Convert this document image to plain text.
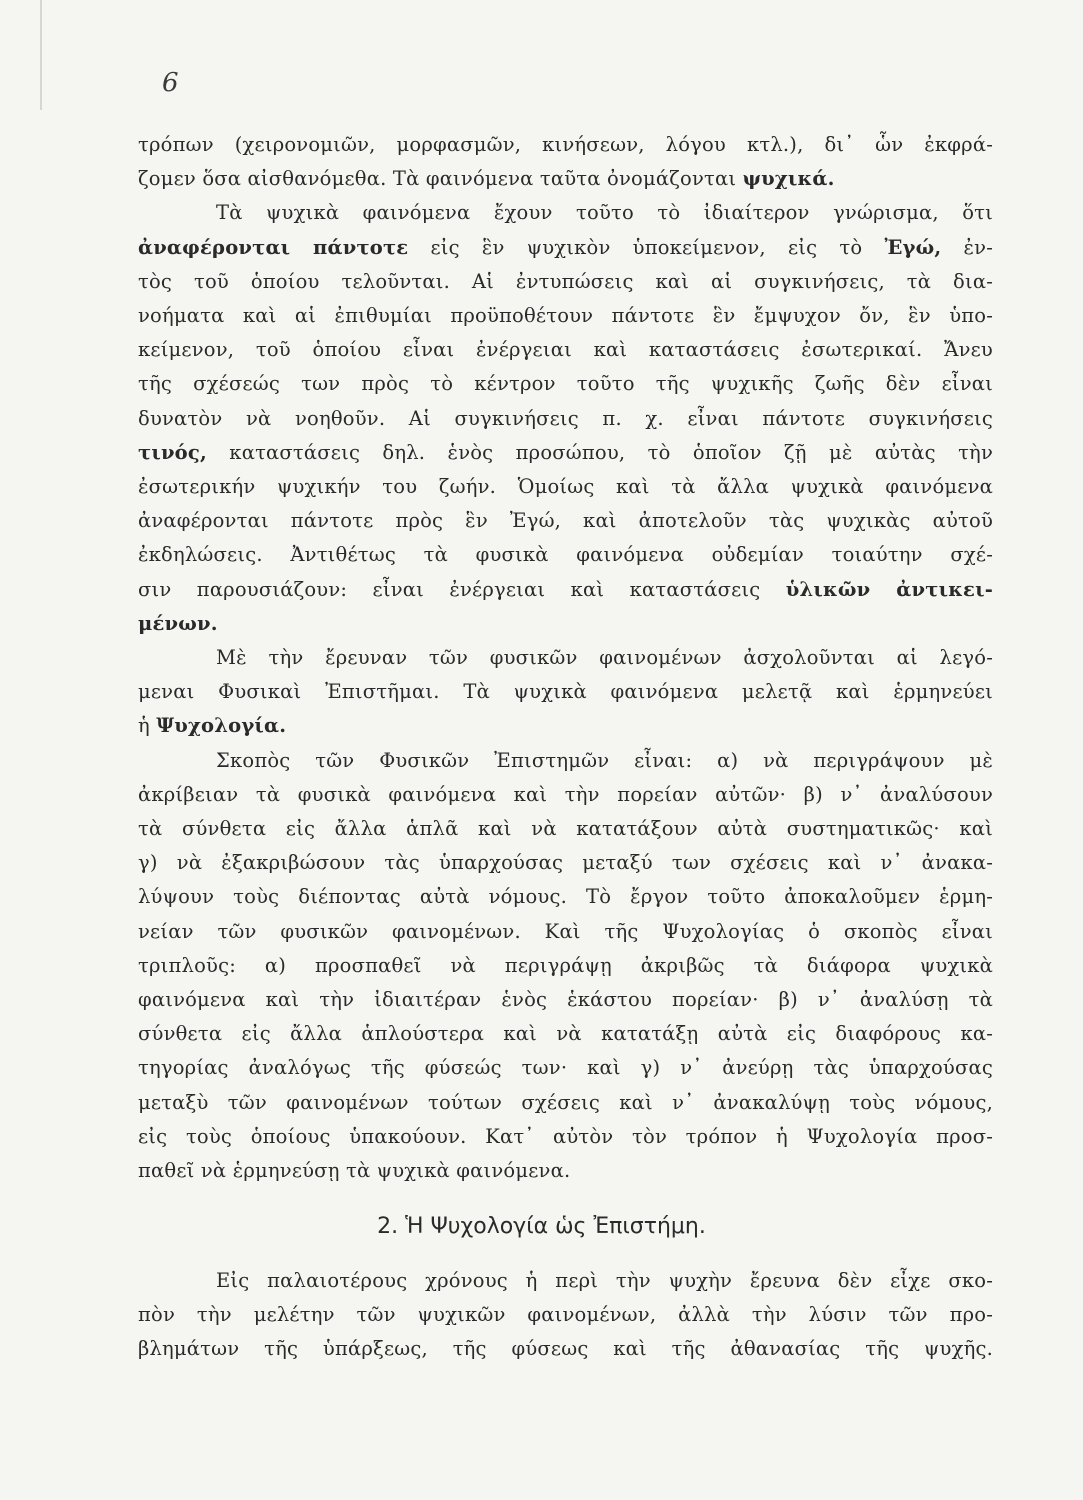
6
τρόπων (χειρονομιῶν, μορφασμῶν, κινήσεων, λόγου κτλ.), δι᾽ ὧν ἐκφρά-
ζομεν ὅσα αἰσθανόμεθα. Τὰ φαινόμενα ταῦτα ὀνομάζονται ψυχικά.
Τὰ ψυχικὰ φαινόμενα ἔχουν τοῦτο τὸ ἰδιαίτερον γνώρισμα, ὅτι
ἀναφέρονται πάντοτε εἰς ἓν ψυχικὸν ὑποκείμενον, εἰς τὸ Ἐγώ, ἐν-
τὸς τοῦ ὁποίου τελοῦνται. Αἱ ἐντυπώσεις καὶ αἱ συγκινήσεις, τὰ δια-
νοήματα καὶ αἱ ἐπιθυμίαι προϋποθέτουν πάντοτε ἓν ἔμψυχον ὄν, ἓν ὑπο-
κείμενον, τοῦ ὁποίου εἶναι ἐνέργειαι καὶ καταστάσεις ἐσωτερικαί. Ἄνευ
τῆς σχέσεώς των πρὸς τὸ κέντρον τοῦτο τῆς ψυχικῆς ζωῆς δὲν εἶναι
δυνατὸν νὰ νοηθοῦν. Αἱ συγκινήσεις π. χ. εἶναι πάντοτε συγκινήσεις
τινός, καταστάσεις δηλ. ἑνὸς προσώπου, τὸ ὁποῖον ζῇ μὲ αὐτὰς τὴν
ἐσωτερικήν ψυχικήν του ζωήν. Ὁμοίως καὶ τὰ ἄλλα ψυχικὰ φαινόμενα
ἀναφέρονται πάντοτε πρὸς ἓν Ἐγώ, καὶ ἀποτελοῦν τὰς ψυχικὰς αὐτοῦ
ἐκδηλώσεις. Ἀντιθέτως τὰ φυσικὰ φαινόμενα οὐδεμίαν τοιαύτην σχέ-
σιν παρουσιάζουν: εἶναι ἐνέργειαι καὶ καταστάσεις ὑλικῶν ἀντικει-
μένων.
Μὲ τὴν ἔρευναν τῶν φυσικῶν φαινομένων ἀσχολοῦνται αἱ λεγό-
μεναι Φυσικαὶ Ἐπιστῆμαι. Τὰ ψυχικὰ φαινόμενα μελετᾷ καὶ ἑρμηνεύει
ἡ Ψυχολογία.
Σκοπὸς τῶν Φυσικῶν Ἐπιστημῶν εἶναι: α) νὰ περιγράψουν μὲ
ἀκρίβειαν τὰ φυσικὰ φαινόμενα καὶ τὴν πορείαν αὐτῶν· β) ν᾽ ἀναλύσουν
τὰ σύνθετα εἰς ἄλλα ἁπλᾶ καὶ νὰ κατατάξουν αὐτὰ συστηματικῶς· καὶ
γ) νὰ ἐξακριβώσουν τὰς ὑπαρχούσας μεταξύ των σχέσεις καὶ ν᾽ ἀνακα-
λύψουν τοὺς διέποντας αὐτὰ νόμους. Τὸ ἔργον τοῦτο ἀποκαλοῦμεν ἑρμη-
νείαν τῶν φυσικῶν φαινομένων. Καὶ τῆς Ψυχολογίας ὁ σκοπὸς εἶναι
τριπλοῦς: α) προσπαθεῖ νὰ περιγράψῃ ἀκριβῶς τὰ διάφορα ψυχικὰ
φαινόμενα καὶ τὴν ἰδιαιτέραν ἑνὸς ἑκάστου πορείαν· β) ν᾽ ἀναλύσῃ τὰ
σύνθετα εἰς ἄλλα ἁπλούστερα καὶ νὰ κατατάξῃ αὐτὰ εἰς διαφόρους κα-
τηγορίας ἀναλόγως τῆς φύσεώς των· καὶ γ) ν᾽ ἀνεύρῃ τὰς ὑπαρχούσας
μεταξὺ τῶν φαινομένων τούτων σχέσεις καὶ ν᾽ ἀνακαλύψῃ τοὺς νόμους,
εἰς τοὺς ὁποίους ὑπακούουν. Κατ᾽ αὐτὸν τὸν τρόπον ἡ Ψυχολογία προσ-
παθεῖ νὰ ἑρμηνεύσῃ τὰ ψυχικὰ φαινόμενα.
2. Ἡ Ψυχολογία ὡς Ἐπιστήμη.
Εἰς παλαιοτέρους χρόνους ἡ περὶ τὴν ψυχὴν ἔρευνα δὲν εἶχε σκο-
πὸν τὴν μελέτην τῶν ψυχικῶν φαινομένων, ἀλλὰ τὴν λύσιν τῶν προ-
βλημάτων τῆς ὑπάρξεως, τῆς φύσεως καὶ τῆς ἀθανασίας τῆς ψυχῆς.
